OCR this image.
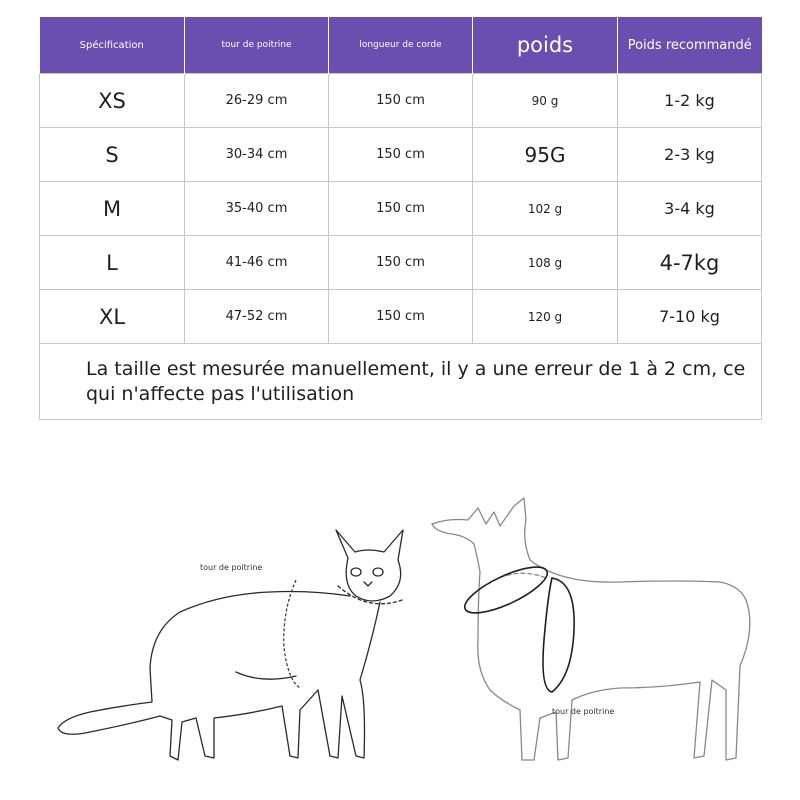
Spécification	tour de poitrine	longueur de corde	poids	Poids recommandé
XS	26-29 cm	150 cm	90 g	1-2 kg
S	30-34 cm	150 cm	95G	2-3 kg
M	35-40 cm	150 cm	102 g	3-4 kg
L	41-46 cm	150 cm	108 g	4-7kg
XL	47-52 cm	150 cm	120 g	7-10 kg
La taille est mesurée manuellement, il y a une erreur de 1 à 2 cm, ce qui n'affecte pas l'utilisation				
tour de poitrine
tour de poitrine
